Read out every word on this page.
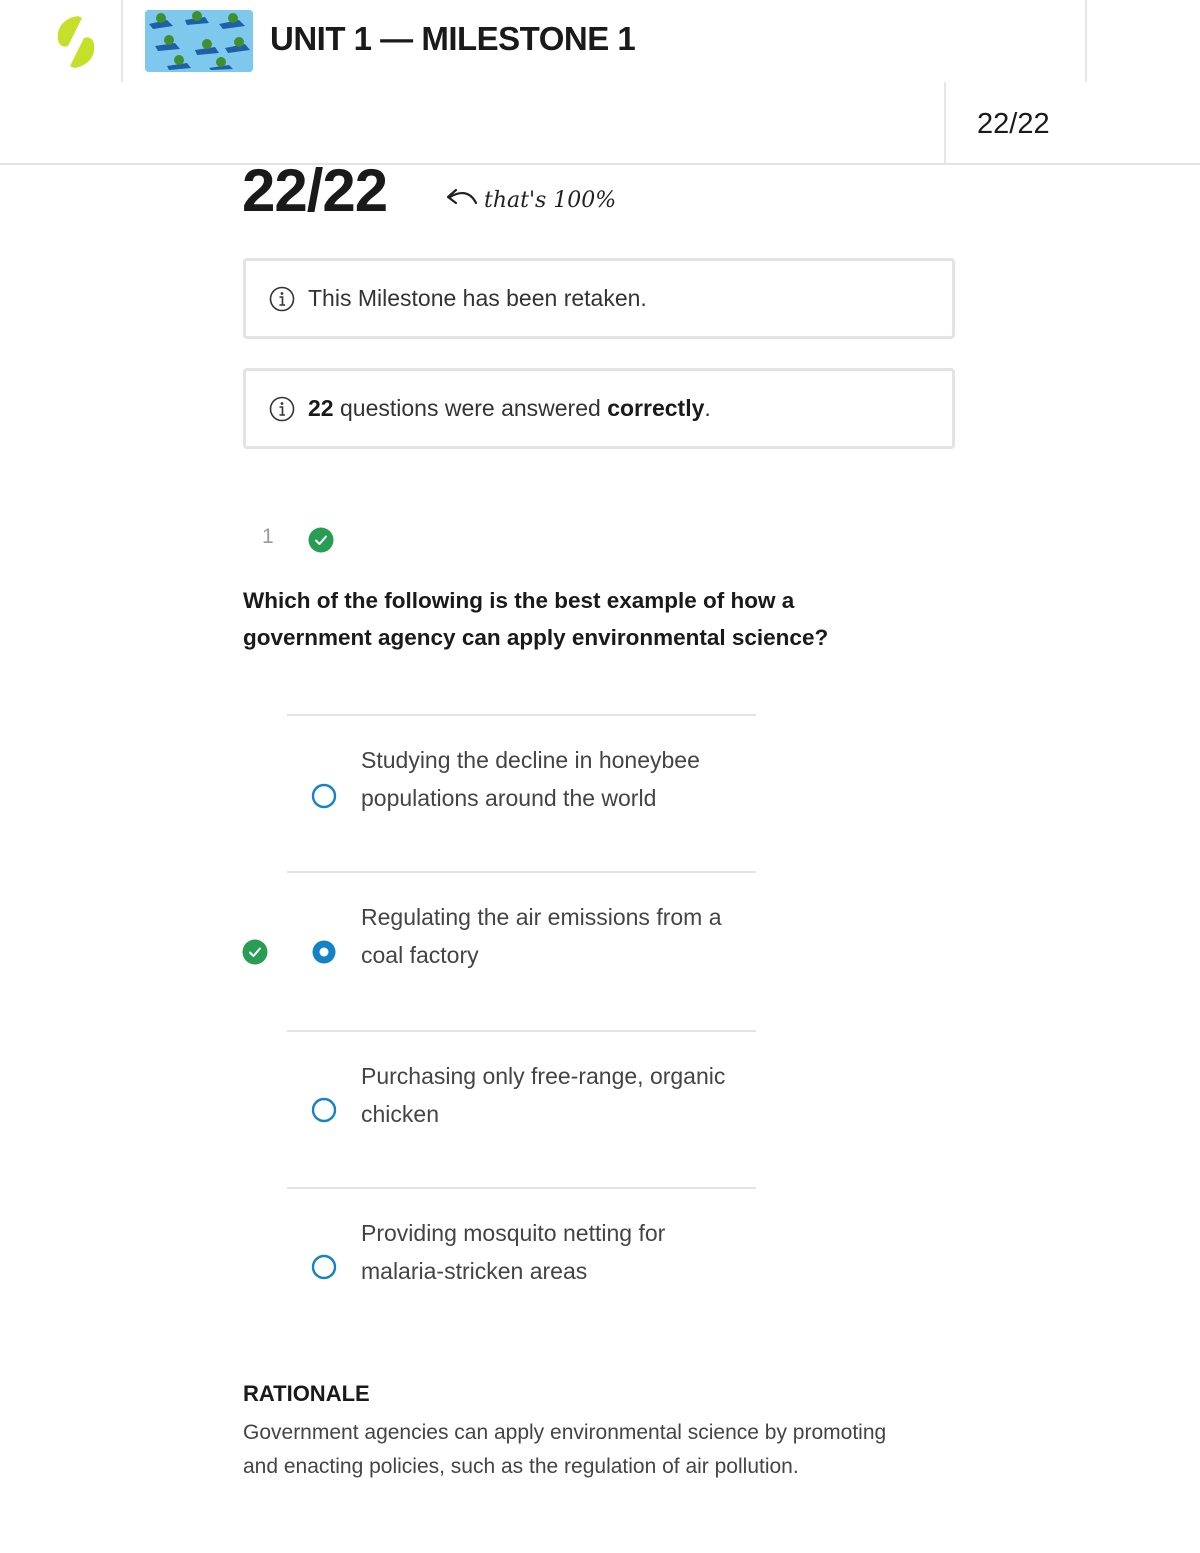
UNIT 1 — MILESTONE 1
22/22
22/22	that's 100%
This Milestone has been retaken.
22 questions were answered correctly.
1
Which of the following is the best example of how a government agency can apply environmental science?
Studying the decline in honeybee populations around the world
Regulating the air emissions from a coal factory
Purchasing only free-range, organic chicken
Providing mosquito netting for malaria-stricken areas
RATIONALE
Government agencies can apply environmental science by promoting and enacting policies, such as the regulation of air pollution.
